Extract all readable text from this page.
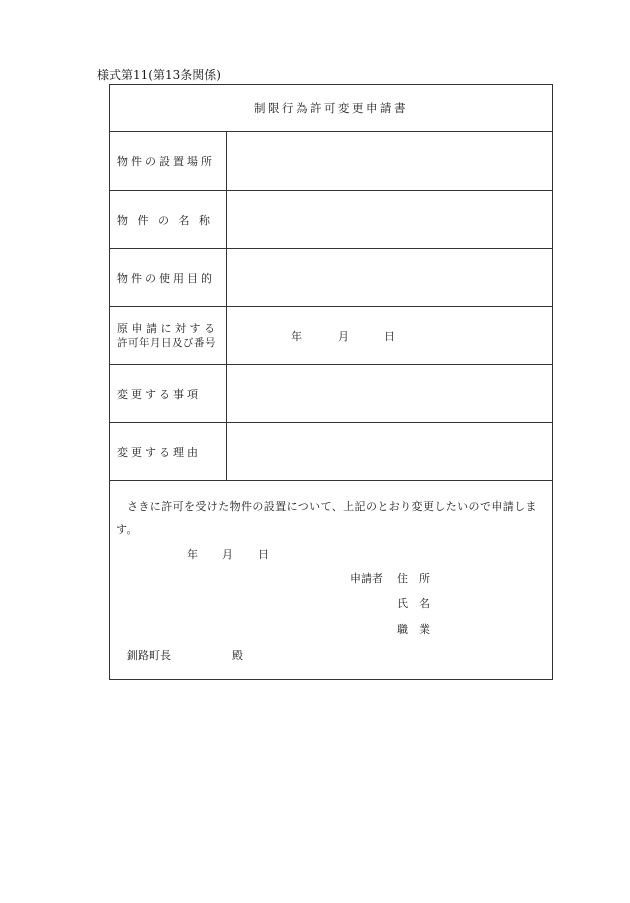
様式第11(第13条関係)
制限行為許可変更申請書
物件の設置場所
物 件 の 名 称
物件の使用目的
原申請に対する
許可年月日及び番号	年	月	日
変更する事項
変更する理由
さきに許可を受けた物件の設置について、上記のとおり変更したいので申請します。
年 月 日
申請者 住　所
氏　名
職　業
釧路町長	殿
